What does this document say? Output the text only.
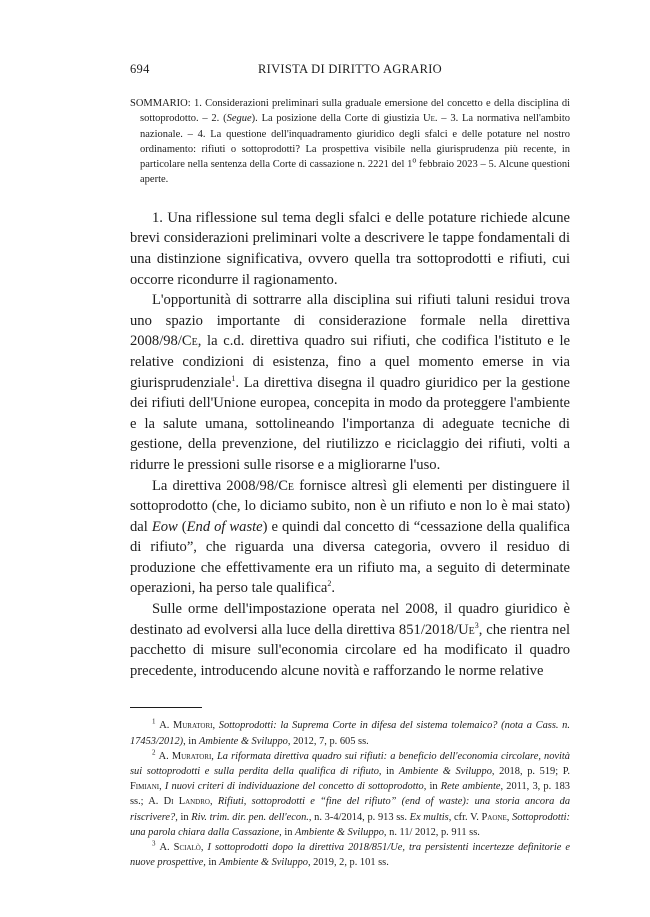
694	RIVISTA DI DIRITTO AGRARIO

SOMMARIO: 1. Considerazioni preliminari sulla graduale emersione del concetto e della disciplina di sottoprodotto. – 2. (Segue). La posizione della Corte di giustizia Ue. – 3. La normativa nell'ambito nazionale. – 4. La questione dell'inquadramento giuridico degli sfalci e delle potature nel nostro ordinamento: rifiuti o sottoprodotti? La prospettiva visibile nella giurisprudenza più recente, in particolare nella sentenza della Corte di cassazione n. 2221 del 1$^o$ febbraio 2023 – 5. Alcune questioni aperte.

1. Una riflessione sul tema degli sfalci e delle potature richiede alcune brevi considerazioni preliminari volte a descrivere le tappe fondamentali di una distinzione significativa, ovvero quella tra sottoprodotti e rifiuti, cui occorre ricondurre il ragionamento.

L'opportunità di sottrarre alla disciplina sui rifiuti taluni residui trova uno spazio importante di considerazione formale nella direttiva 2008/98/Ce, la c.d. direttiva quadro sui rifiuti, che codifica l'istituto e le relative condizioni di esistenza, fino a quel momento emerse in via giurisprudenziale$^1$. La direttiva disegna il quadro giuridico per la gestione dei rifiuti dell'Unione europea, concepita in modo da proteggere l'ambiente e la salute umana, sottolineando l'importanza di adeguate tecniche di gestione, della prevenzione, del riutilizzo e riciclaggio dei rifiuti, volti a ridurre le pressioni sulle risorse e a migliorarne l'uso.

La direttiva 2008/98/Ce fornisce altresì gli elementi per distinguere il sottoprodotto (che, lo diciamo subito, non è un rifiuto e non lo è mai stato) dal Eow (End of waste) e quindi dal concetto di “cessazione della qualifica di rifiuto”, che riguarda una diversa categoria, ovvero il residuo di produzione che effettivamente era un rifiuto ma, a seguito di determinate operazioni, ha perso tale qualifica$^2$.

Sulle orme dell'impostazione operata nel 2008, il quadro giuridico è destinato ad evolversi alla luce della direttiva 851/2018/Ue$^3$, che rientra nel pacchetto di misure sull'economia circolare ed ha modificato il quadro precedente, introducendo alcune novità e rafforzando le norme relative

$^1$ A. Muratori, Sottoprodotti: la Suprema Corte in difesa del sistema tolemaico? (nota a Cass. n. 17453/2012), in Ambiente & Sviluppo, 2012, 7, p. 605 ss.

$^2$ A. Muratori, La riformata direttiva quadro sui rifiuti: a beneficio dell'economia circolare, novità sui sottoprodotti e sulla perdita della qualifica di rifiuto, in Ambiente & Sviluppo, 2018, p. 519; P. Fimiani, I nuovi criteri di individuazione del concetto di sottoprodotto, in Rete ambiente, 2011, 3, p. 183 ss.; A. Di Landro, Rifiuti, sottoprodotti e “fine del rifiuto” (end of waste): una storia ancora da riscrivere?, in Riv. trim. dir. pen. dell'econ., n. 3-4/2014, p. 913 ss. Ex multis, cfr. V. Paone, Sottoprodotti: una parola chiara dalla Cassazione, in Ambiente & Sviluppo, n. 11/ 2012, p. 911 ss.

$^3$ A. Scialò, I sottoprodotti dopo la direttiva 2018/851/Ue, tra persistenti incertezze definitorie e nuove prospettive, in Ambiente & Sviluppo, 2019, 2, p. 101 ss.
